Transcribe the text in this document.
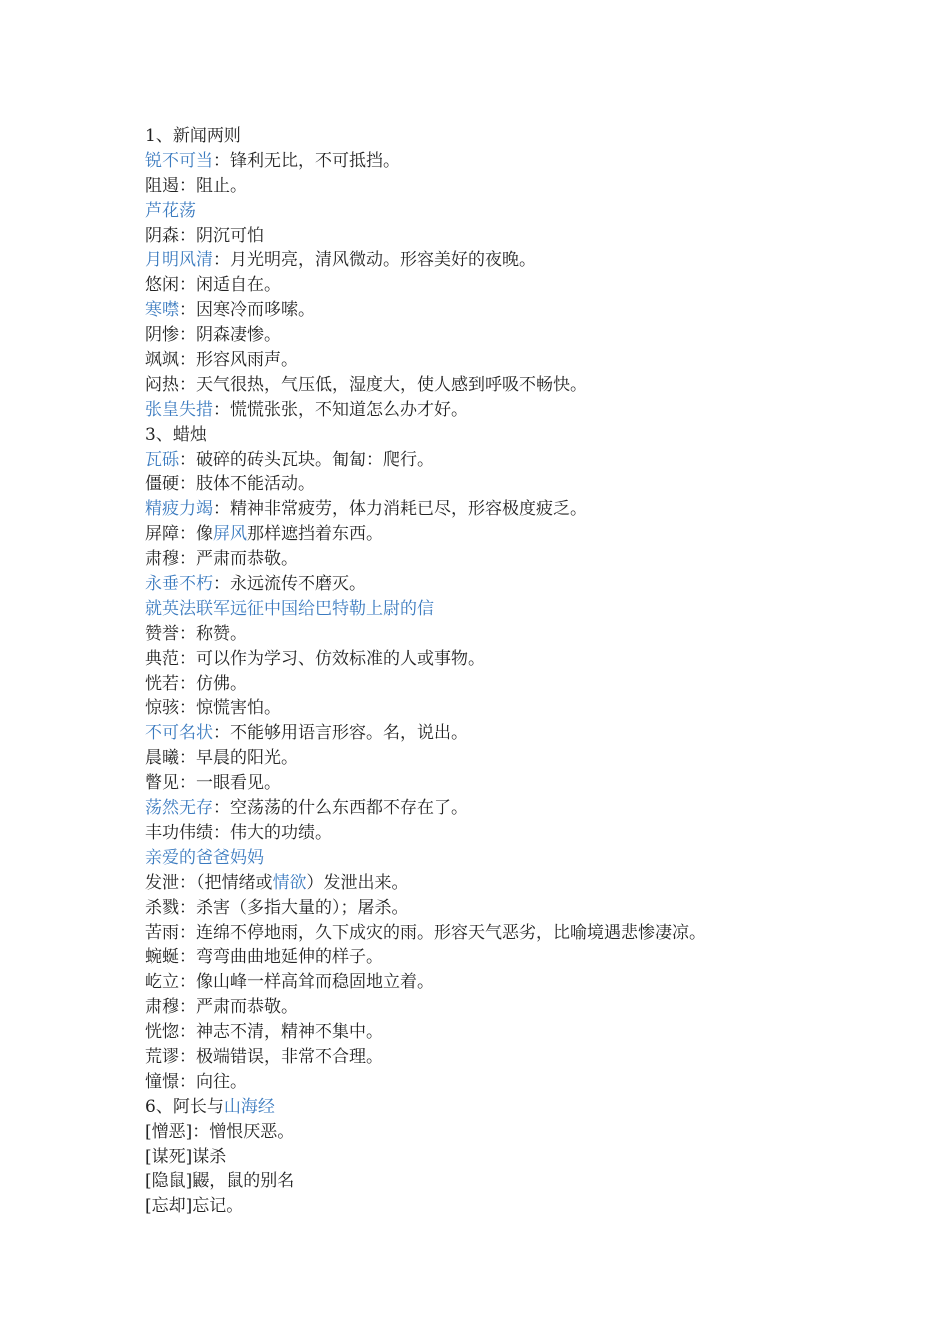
1、新闻两则
锐不可当：锋利无比，不可抵挡。
阻遏：阻止。
芦花荡
阴森：阴沉可怕
月明风清：月光明亮，清风微动。形容美好的夜晚。
悠闲：闲适自在。
寒噤：因寒冷而哆嗦。
阴惨：阴森凄惨。
飒飒：形容风雨声。
闷热：天气很热，气压低，湿度大，使人感到呼吸不畅快。
张皇失措：慌慌张张，不知道怎么办才好。
3、蜡烛
瓦砾：破碎的砖头瓦块。匍匐：爬行。
僵硬：肢体不能活动。
精疲力竭：精神非常疲劳，体力消耗已尽，形容极度疲乏。
屏障：像屏风那样遮挡着东西。
肃穆：严肃而恭敬。
永垂不朽：永远流传不磨灭。
就英法联军远征中国给巴特勒上尉的信
赞誉：称赞。
典范：可以作为学习、仿效标准的人或事物。
恍若：仿佛。
惊骇：惊慌害怕。
不可名状：不能够用语言形容。名，说出。
晨曦：早晨的阳光。
瞥见：一眼看见。
荡然无存：空荡荡的什么东西都不存在了。
丰功伟绩：伟大的功绩。
亲爱的爸爸妈妈
发泄：（把情绪或情欲）发泄出来。
杀戮：杀害（多指大量的）；屠杀。
苦雨：连绵不停地雨，久下成灾的雨。形容天气恶劣，比喻境遇悲惨凄凉。
蜿蜒：弯弯曲曲地延伸的样子。
屹立：像山峰一样高耸而稳固地立着。
肃穆：严肃而恭敬。
恍惚：神志不清，精神不集中。
荒谬：极端错误，非常不合理。
憧憬：向往。
6、阿长与山海经
[憎恶]：憎恨厌恶。
[谋死]谋杀
[隐鼠]鼹，鼠的别名
[忘却]忘记。
